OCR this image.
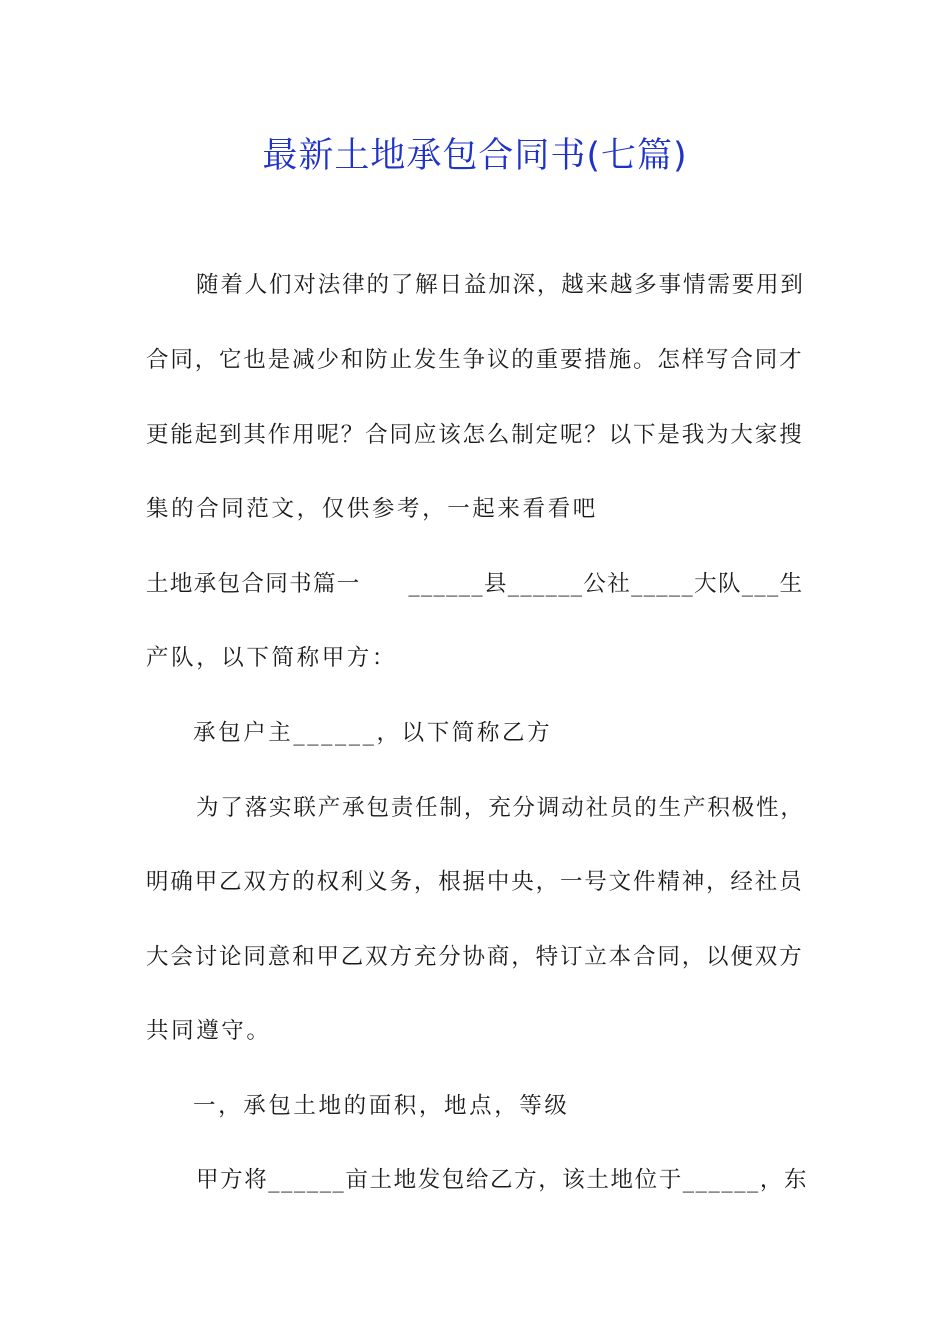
最新土地承包合同书(七篇)
随着人们对法律的了解日益加深，越来越多事情需要用到
合同，它也是减少和防止发生争议的重要措施。怎样写合同才
更能起到其作用呢？合同应该怎么制定呢？以下是我为大家搜
集的合同范文，仅供参考，一起来看看吧
土地承包合同书篇一　　______县______公社_____大队___生
产队，以下简称甲方：
承包户主______，以下简称乙方
为了落实联产承包责任制，充分调动社员的生产积极性，
明确甲乙双方的权利义务，根据中央，一号文件精神，经社员
大会讨论同意和甲乙双方充分协商，特订立本合同，以便双方
共同遵守。
一，承包土地的面积，地点，等级
甲方将______亩土地发包给乙方，该土地位于______，东
